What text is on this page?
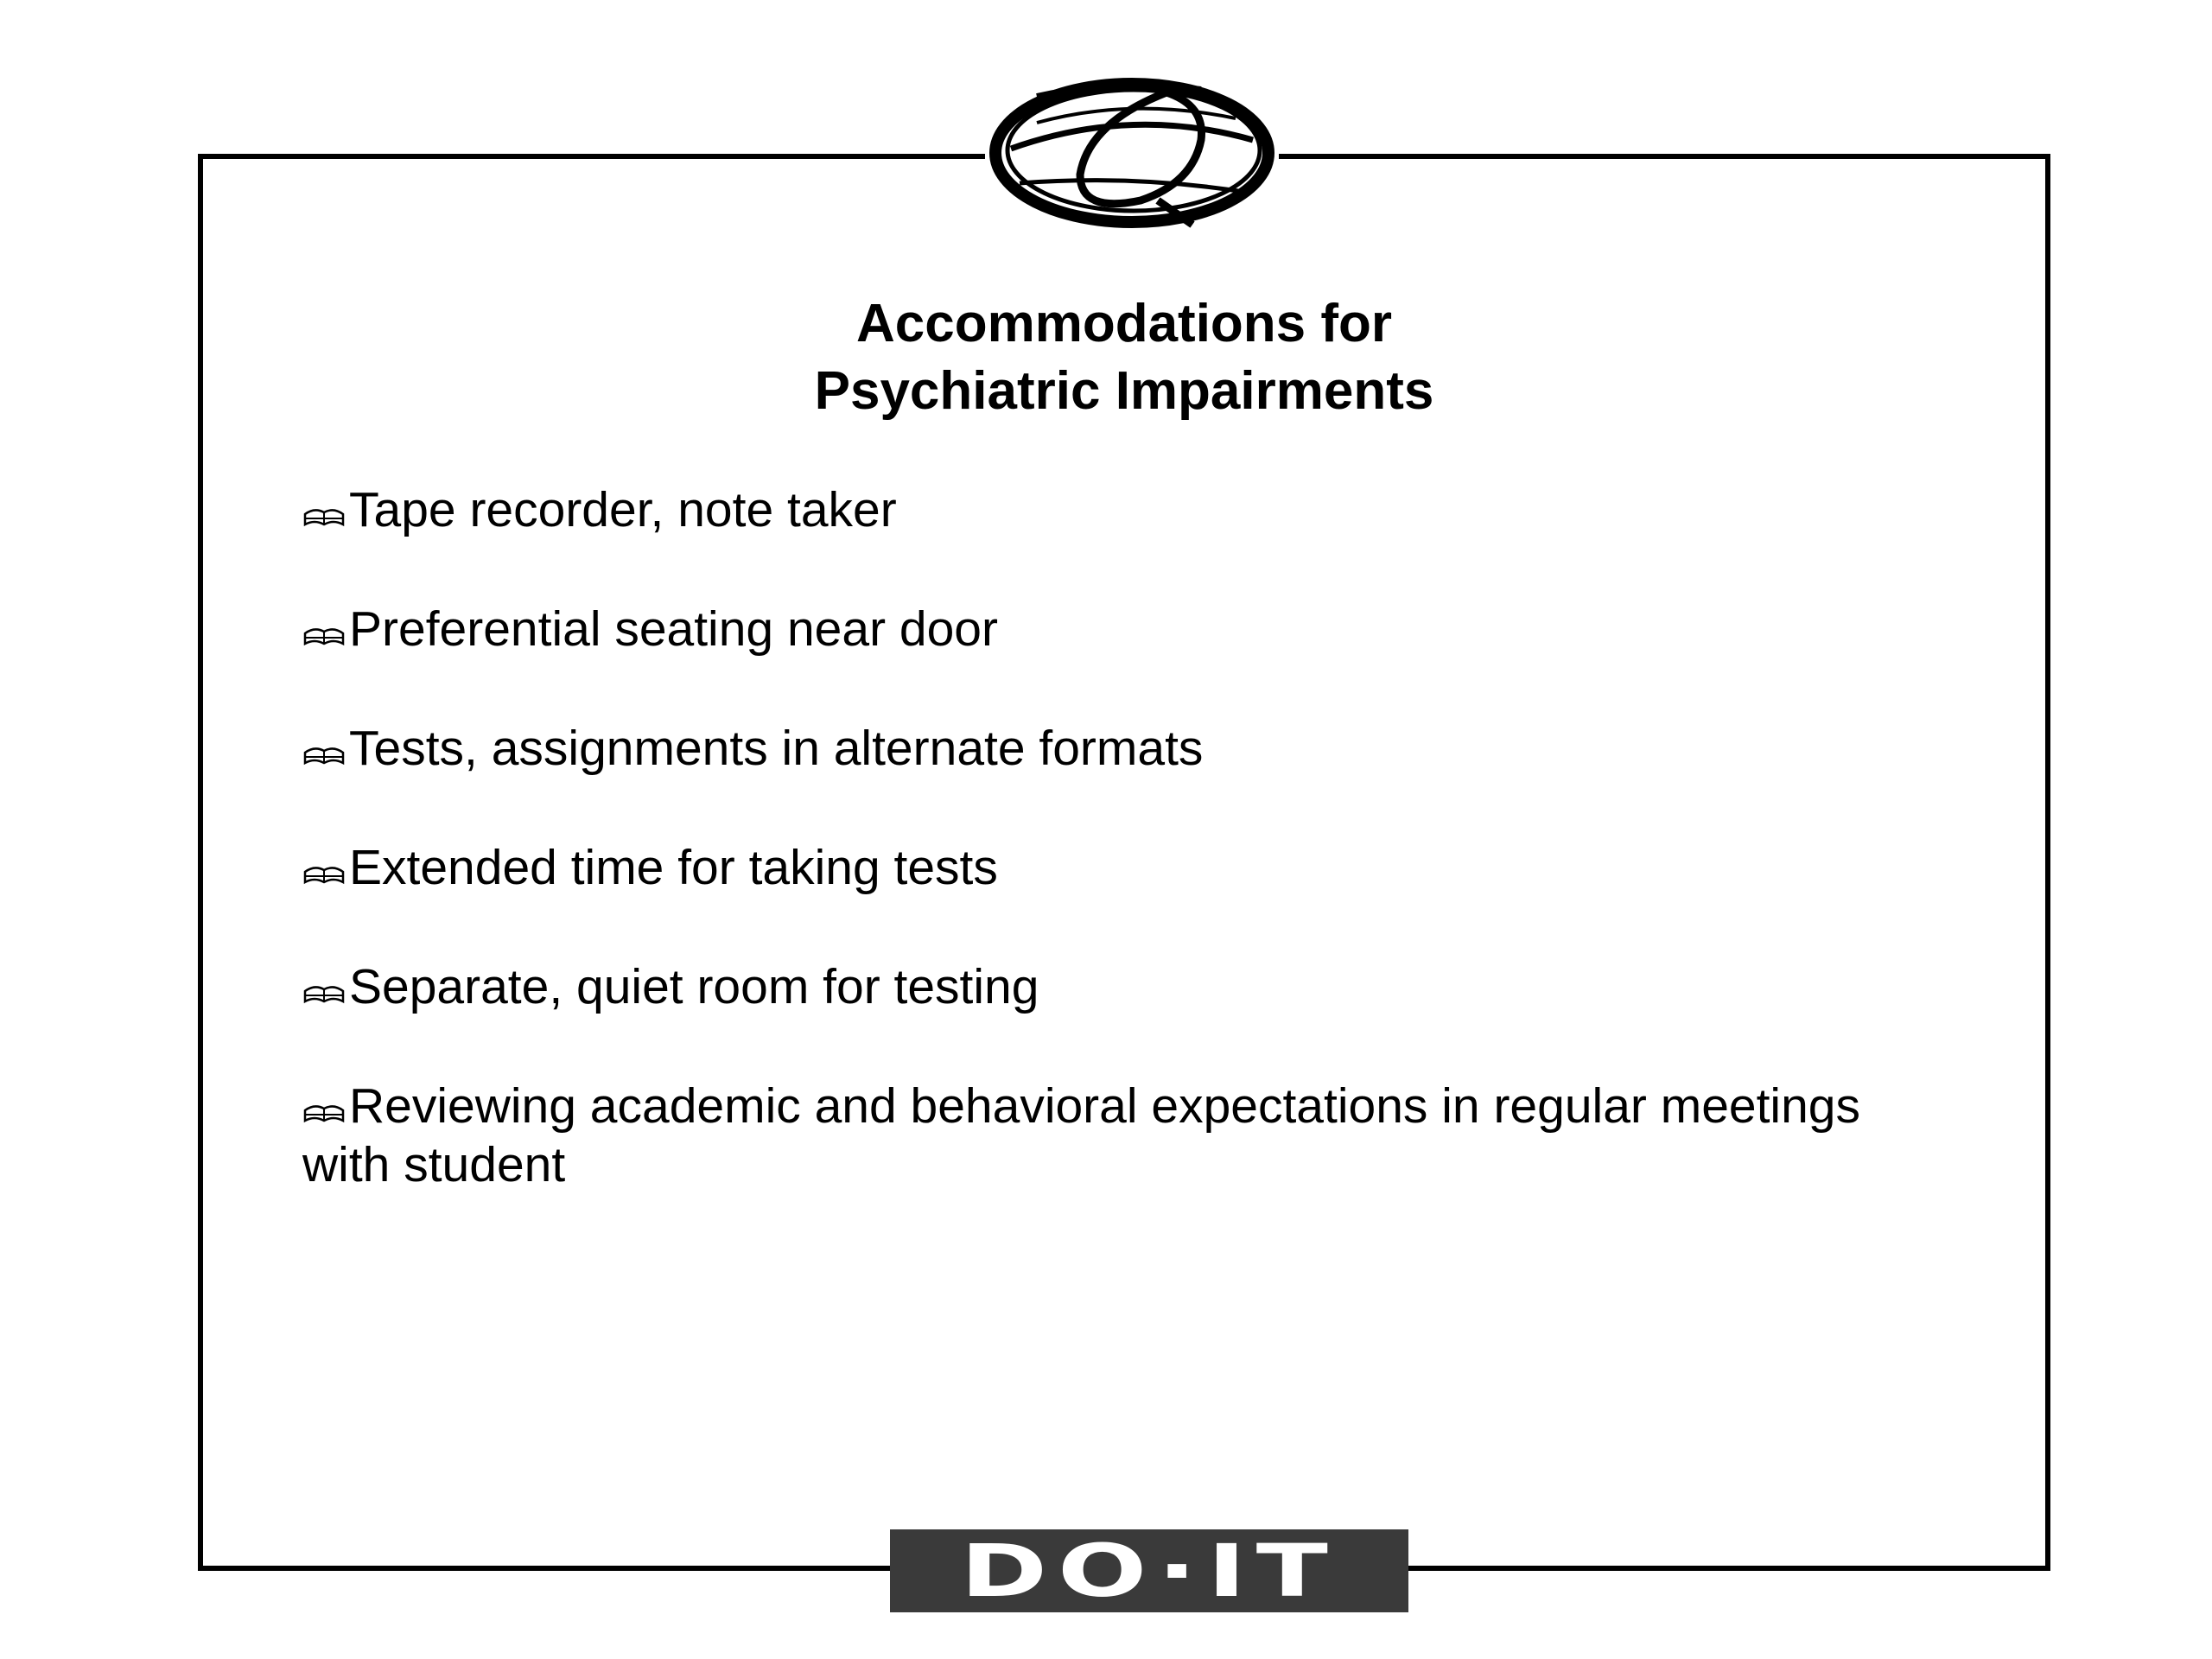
Accommodations for
Psychiatric Impairments
Tape recorder, note taker
Preferential seating near door
Tests, assignments in alternate formats
Extended time for taking tests
Separate, quiet room for testing
Reviewing academic and behavioral expectations in regular meetings with student
DO·IT
